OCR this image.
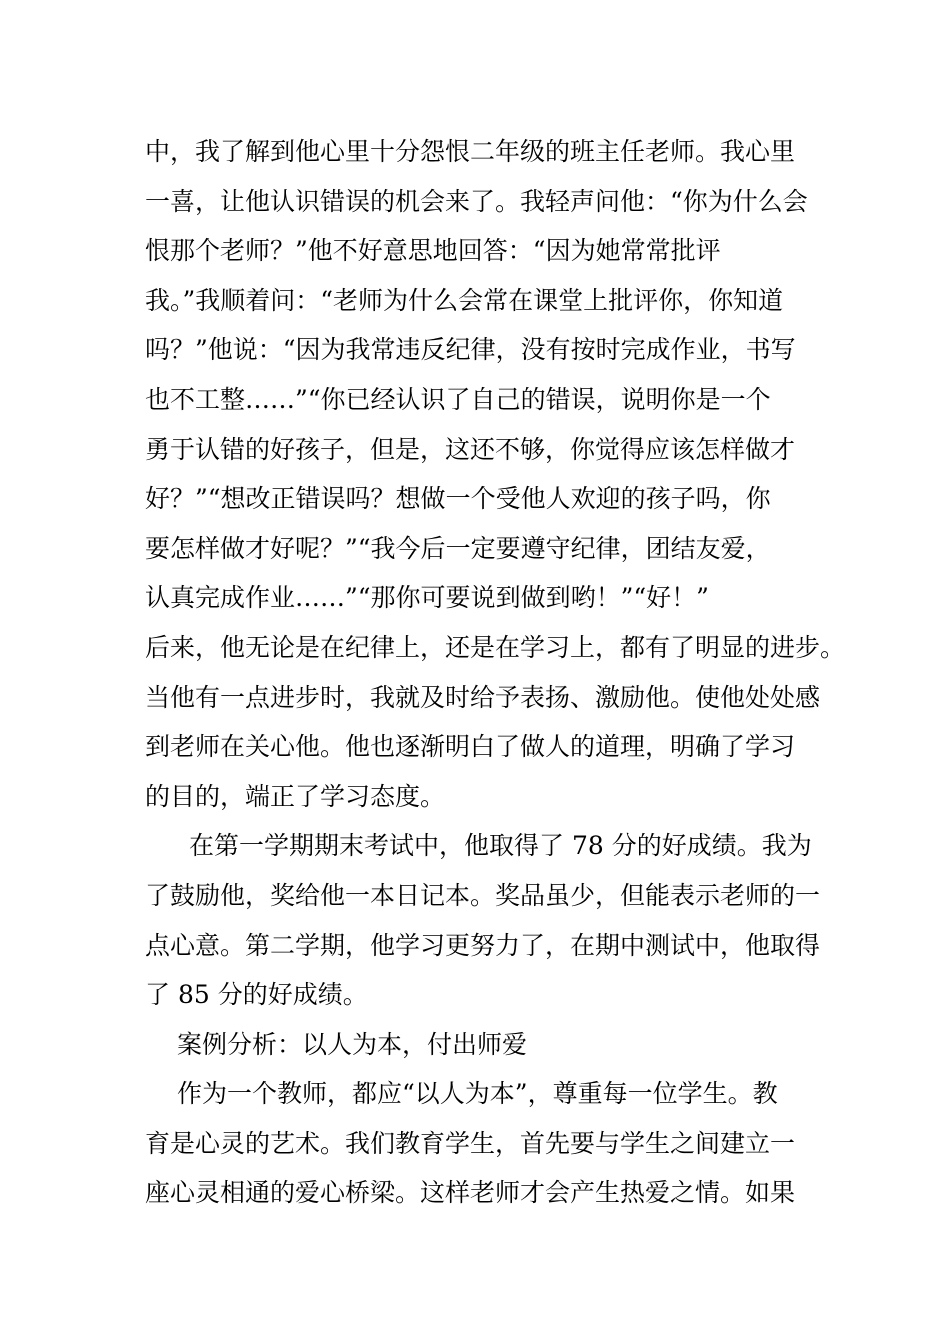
中，我了解到他心里十分怨恨二年级的班主任老师。我心里
一喜，让他认识错误的机会来了。我轻声问他：“你为什么会
恨那个老师？”他不好意思地回答：“因为她常常批评
我。”我顺着问：“老师为什么会常在课堂上批评你，你知道
吗？”他说：“因为我常违反纪律，没有按时完成作业，书写
也不工整……”“你已经认识了自己的错误，说明你是一个
勇于认错的好孩子，但是，这还不够，你觉得应该怎样做才
好？”“想改正错误吗？想做一个受他人欢迎的孩子吗，你
要怎样做才好呢？”“我今后一定要遵守纪律，团结友爱，
认真完成作业……”“那你可要说到做到哟！”“好！”
后来，他无论是在纪律上，还是在学习上，都有了明显的进步。
当他有一点进步时，我就及时给予表扬、激励他。使他处处感
到老师在关心他。他也逐渐明白了做人的道理，明确了学习
的目的，端正了学习态度。
在第一学期期末考试中，他取得了 78 分的好成绩。我为
了鼓励他，奖给他一本日记本。奖品虽少，但能表示老师的一
点心意。第二学期，他学习更努力了，在期中测试中，他取得
了 85 分的好成绩。
案例分析：以人为本，付出师爱
作为一个教师，都应“以人为本”，尊重每一位学生。教
育是心灵的艺术。我们教育学生，首先要与学生之间建立一
座心灵相通的爱心桥梁。这样老师才会产生热爱之情。如果
